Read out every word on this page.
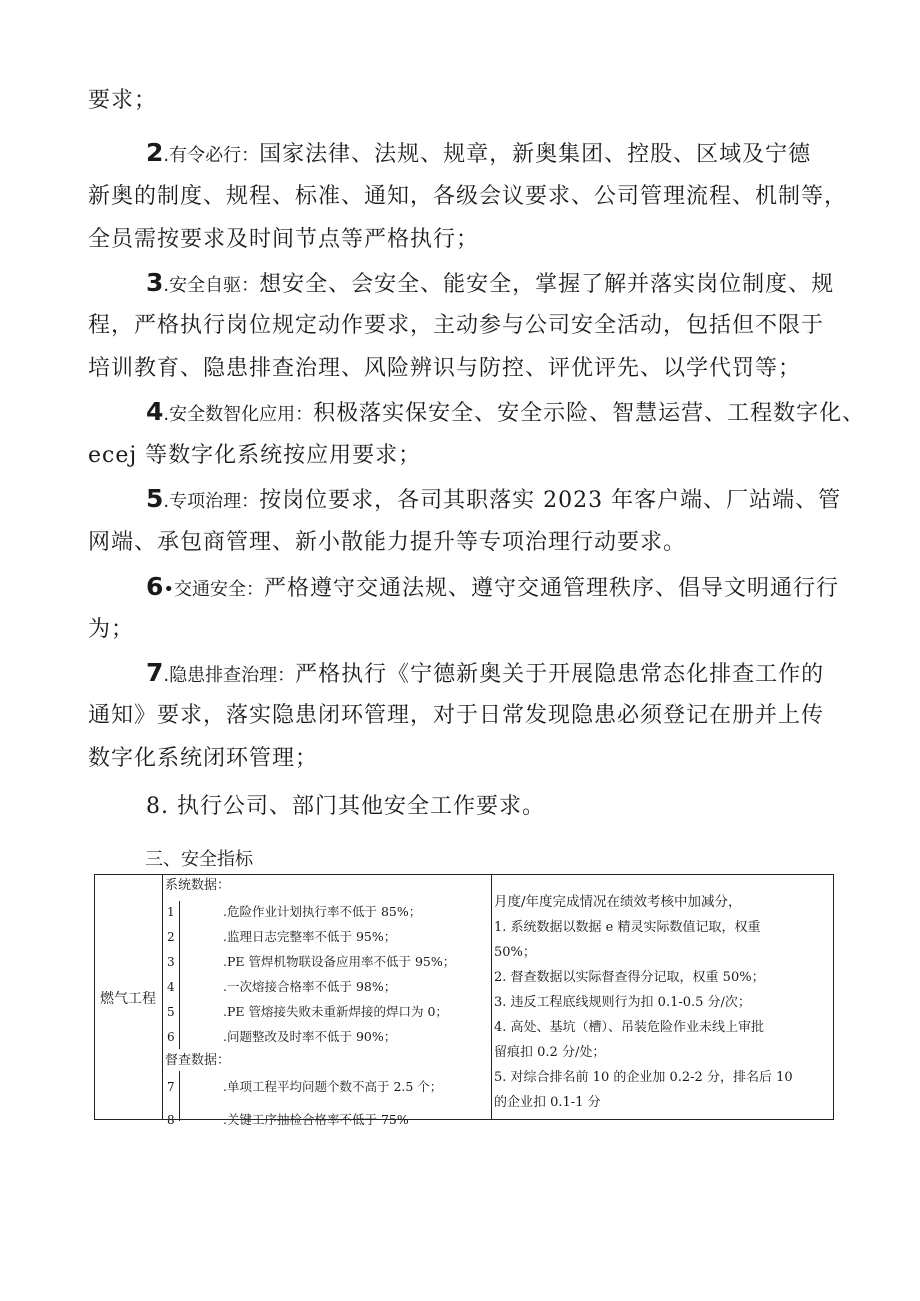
要求；
2.有令必行：国家法律、法规、规章，新奥集团、控股、区域及宁德
新奥的制度、规程、标准、通知，各级会议要求、公司管理流程、机制等，
全员需按要求及时间节点等严格执行；
3.安全自驱：想安全、会安全、能安全，掌握了解并落实岗位制度、规
程，严格执行岗位规定动作要求，主动参与公司安全活动，包括但不限于
培训教育、隐患排查治理、风险辨识与防控、评优评先、以学代罚等；
4.安全数智化应用：积极落实保安全、安全示险、智慧运营、工程数字化、
ecej 等数字化系统按应用要求；
5.专项治理：按岗位要求，各司其职落实 2023 年客户端、厂站端、管
网端、承包商管理、新小散能力提升等专项治理行动要求。
6•交通安全：严格遵守交通法规、遵守交通管理秩序、倡导文明通行行
为；
7.隐患排查治理：严格执行《宁德新奥关于开展隐患常态化排查工作的
通知》要求，落实隐患闭环管理，对于日常发现隐患必须登记在册并上传
数字化系统闭环管理；
8. 执行公司、部门其他安全工作要求。
三、安全指标
燃气工程
系统数据：
1	.危险作业计划执行率不低于 85%；
2	.监理日志完整率不低于 95%；
3	.PE 管焊机物联设备应用率不低于 95%；
4	.一次熔接合格率不低于 98%；
5	.PE 管熔接失败未重新焊接的焊口为 0；
6	.问题整改及时率不低于 90%；
督查数据：
7	.单项工程平均问题个数不高于 2.5 个；
8	.关键工序抽检合格率不低于 75%
月度/年度完成情况在绩效考核中加减分，
1. 系统数据以数据 e 精灵实际数值记取，权重
50%；
2. 督查数据以实际督查得分记取，权重 50%；
3. 违反工程底线规则行为扣 0.1-0.5 分/次；
4. 高处、基坑（槽）、吊装危险作业未线上审批
留痕扣 0.2 分/处；
5. 对综合排名前 10 的企业加 0.2-2 分，排名后 10
的企业扣 0.1-1 分
